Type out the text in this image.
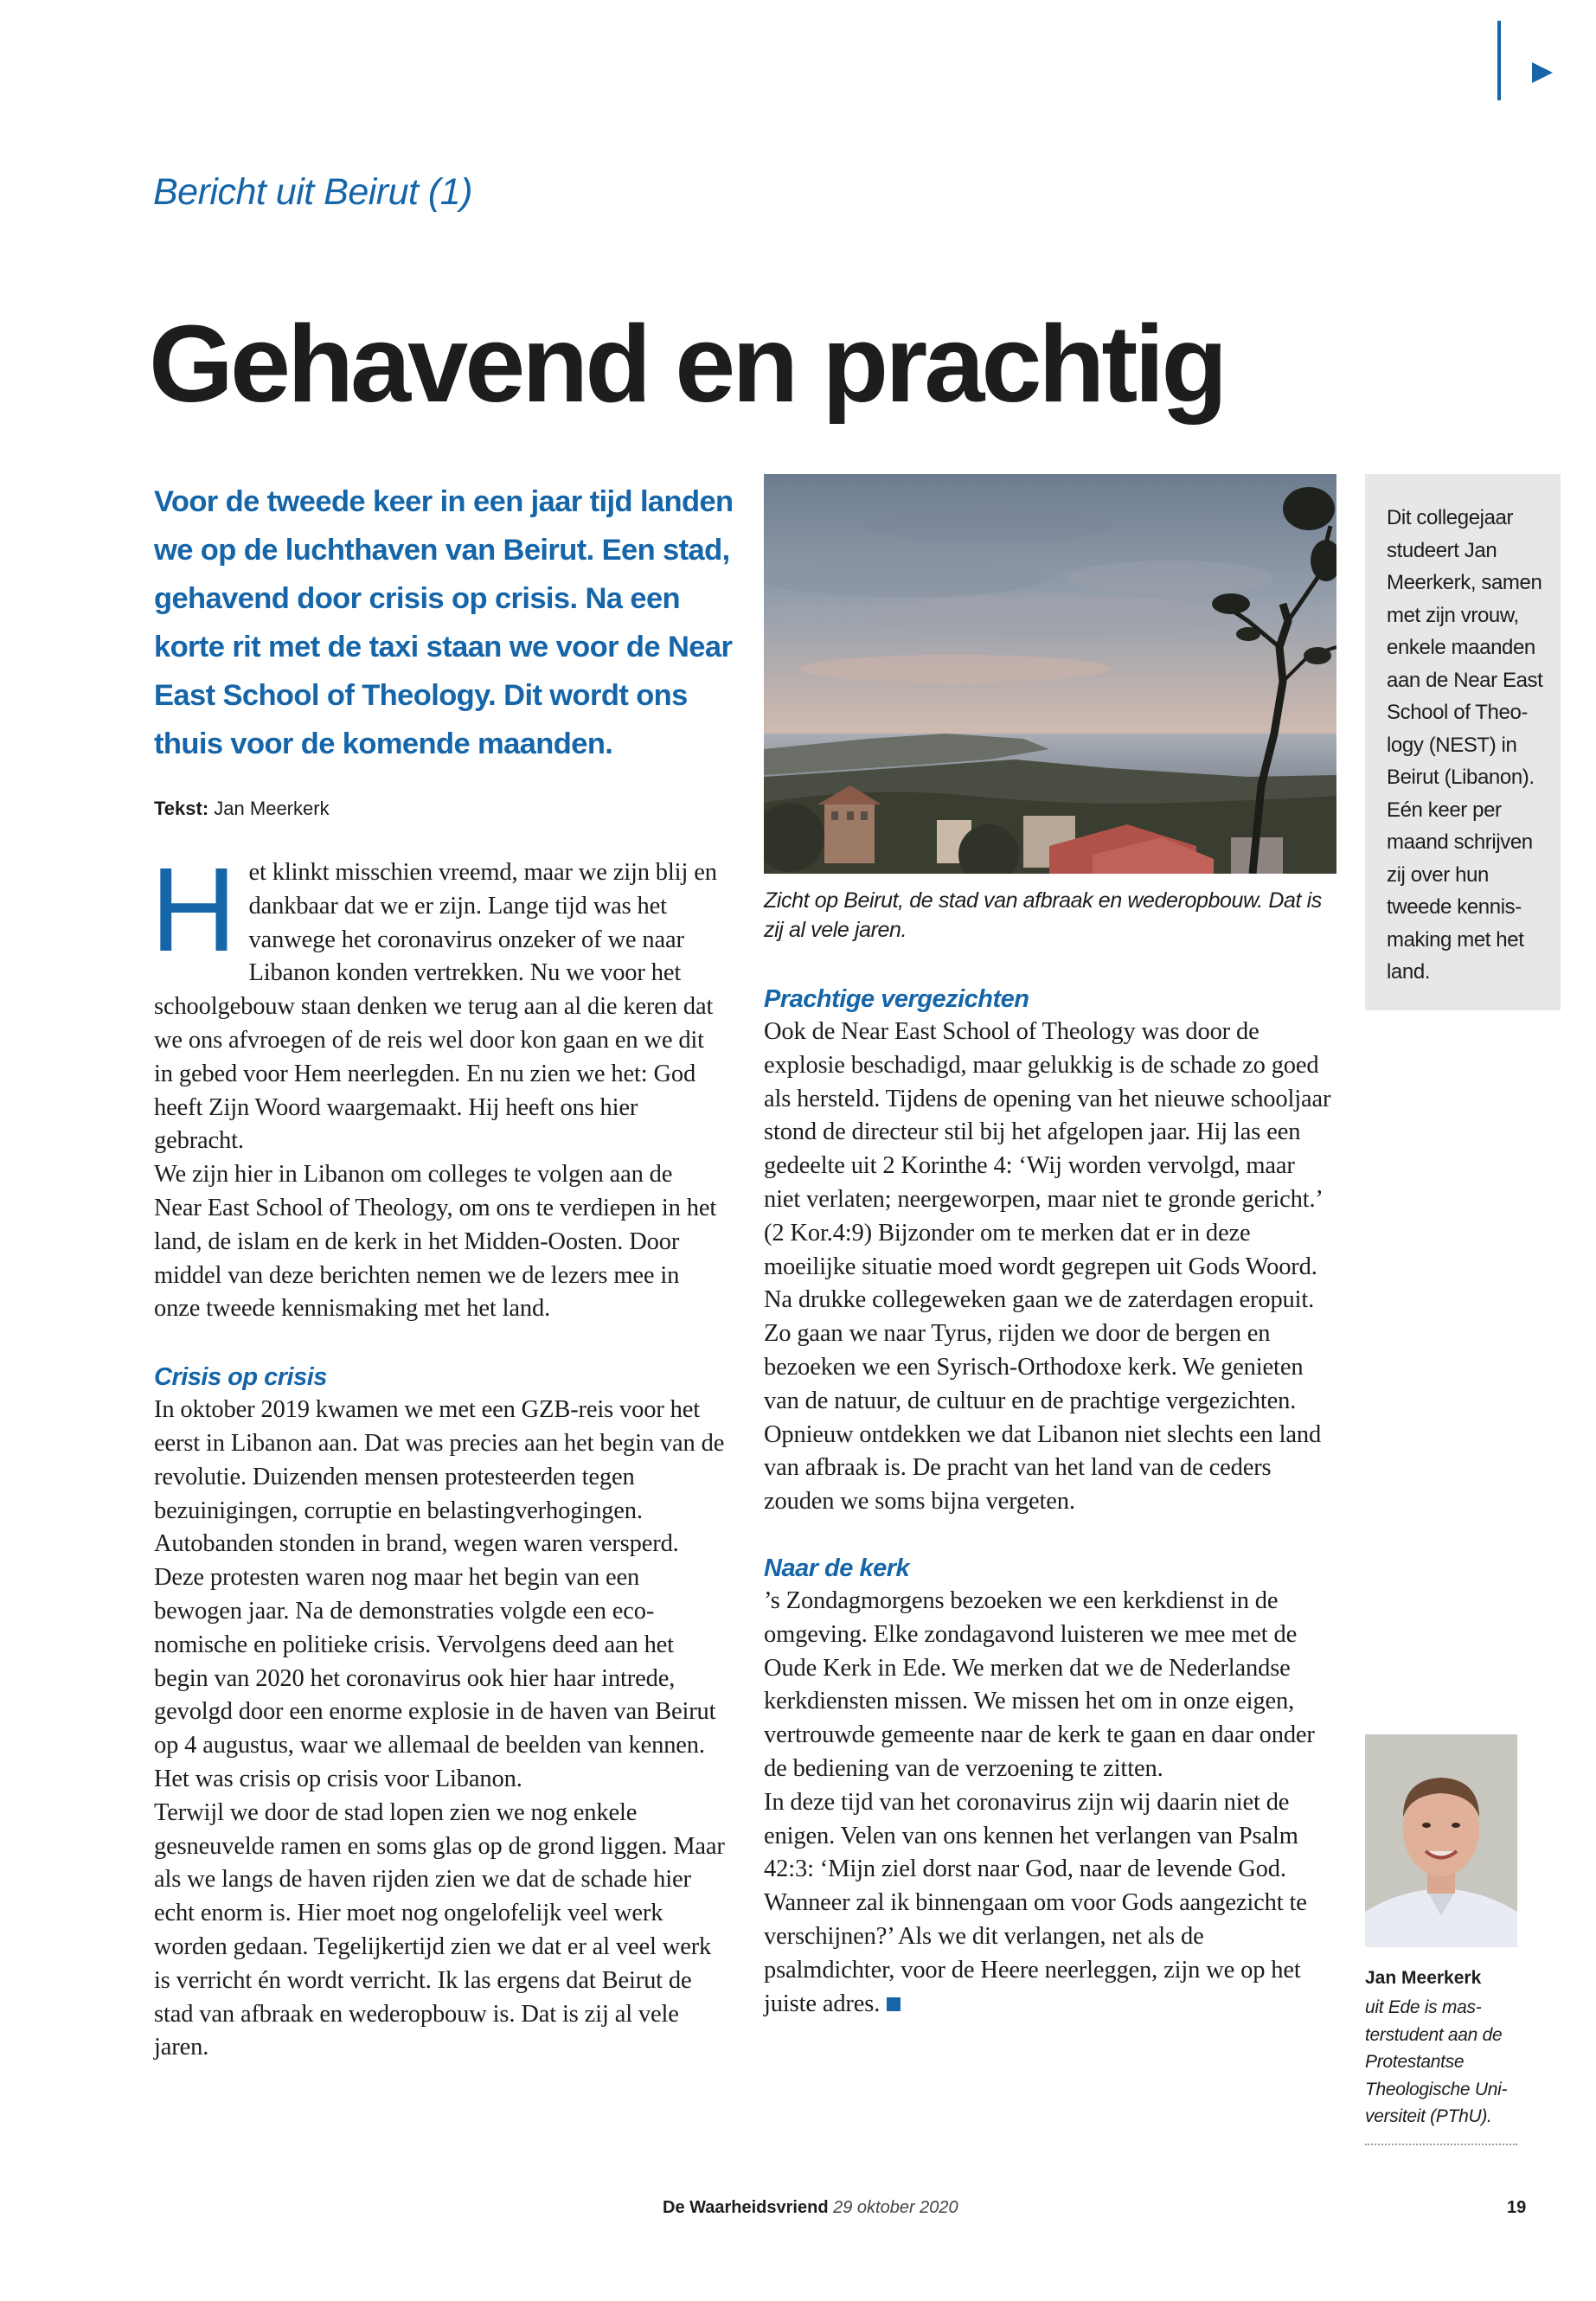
Bericht uit Beirut (1)
Gehavend en prachtig
Voor de tweede keer in een jaar tijd landen we op de luchthaven van Beirut. Een stad, gehavend door crisis op crisis. Na een korte rit met de taxi staan we voor de Near East School of Theology. Dit wordt ons thuis voor de komende maanden.
Tekst: Jan Meerkerk

Het klinkt misschien vreemd, maar we zijn blij en dankbaar dat we er zijn. Lange tijd was het vanwege het coronavirus onzeker of we naar Libanon konden vertrekken. Nu we voor het schoolgebouw staan denken we terug aan al die keren dat we ons afvroegen of de reis wel door kon gaan en we dit in gebed voor Hem neerlegden. En nu zien we het: God heeft Zijn Woord waargemaakt. Hij heeft ons hier gebracht.

We zijn hier in Libanon om colleges te volgen aan de Near East School of Theology, om ons te verdiepen in het land, de islam en de kerk in het Midden-Oosten. Door middel van deze berichten nemen we de lezers mee in onze tweede kennismaking met het land.

Crisis op crisis

In oktober 2019 kwamen we met een GZB-reis voor het eerst in Libanon aan. Dat was precies aan het begin van de revolutie. Duizenden mensen protesteerden tegen bezuinigingen, corruptie en belastingverhogingen. Autobanden stonden in brand, wegen waren versperd.

Deze protesten waren nog maar het begin van een bewogen jaar. Na de demonstraties volgde een economische en politieke crisis. Vervolgens deed aan het begin van 2020 het coronavirus ook hier haar intrede, gevolgd door een enorme explosie in de haven van Beirut op 4 augustus, waar we allemaal de beelden van kennen. Het was crisis op crisis voor Libanon.

Terwijl we door de stad lopen zien we nog enkele gesneuvelde ramen en soms glas op de grond liggen. Maar als we langs de haven rijden zien we dat de schade hier echt enorm is. Hier moet nog ongelofelijk veel werk worden gedaan. Tegelijkertijd zien we dat er al veel werk is verricht én wordt verricht. Ik las ergens dat Beirut de stad van afbraak en wederopbouw is. Dat is zij al vele jaren.

Zicht op Beirut, de stad van afbraak en wederopbouw. Dat is zij al vele jaren.

Prachtige vergezichten

Ook de Near East School of Theology was door de explosie beschadigd, maar gelukkig is de schade zo goed als hersteld. Tijdens de opening van het nieuwe schooljaar stond de directeur stil bij het afgelopen jaar. Hij las een gedeelte uit 2 Korinthe 4: ‘Wij worden vervolgd, maar niet verlaten; neergeworpen, maar niet te gronde gericht.’ (2 Kor.4:9) Bijzonder om te merken dat er in deze moeilijke situatie moed wordt gegrepen uit Gods Woord.

Na drukke collegeweken gaan we de zaterdagen eropuit. Zo gaan we naar Tyrus, rijden we door de bergen en bezoeken we een Syrisch-Orthodoxe kerk. We genieten van de natuur, de cultuur en de prachtige vergezichten. Opnieuw ontdekken we dat Libanon niet slechts een land van afbraak is. De pracht van het land van de ceders zouden we soms bijna vergeten.

Naar de kerk

’s Zondagmorgens bezoeken we een kerkdienst in de omgeving. Elke zondagavond luisteren we mee met de Oude Kerk in Ede. We merken dat we de Nederlandse kerkdiensten missen. We missen het om in onze eigen, vertrouwde gemeente naar de kerk te gaan en daar onder de bediening van de verzoening te zitten.

In deze tijd van het coronavirus zijn wij daarin niet de enigen. Velen van ons kennen het verlangen van Psalm 42:3: ‘Mijn ziel dorst naar God, naar de levende God. Wanneer zal ik binnengaan om voor Gods aangezicht te verschijnen?’ Als we dit verlangen, net als de psalmdichter, voor de Heere neerleggen, zijn we op het juiste adres.

Dit collegejaar studeert Jan Meerkerk, samen met zijn vrouw, enkele maanden aan de Near East School of Theology (NEST) in Beirut (Libanon). Eén keer per maand schrijven zij over hun tweede kennismaking met het land.
Jan Meerkerk
uit Ede is masterstudent aan de Protestantse Theologische Universiteit (PThU).
De Waarheidsvriend 29 oktober 2020	19
